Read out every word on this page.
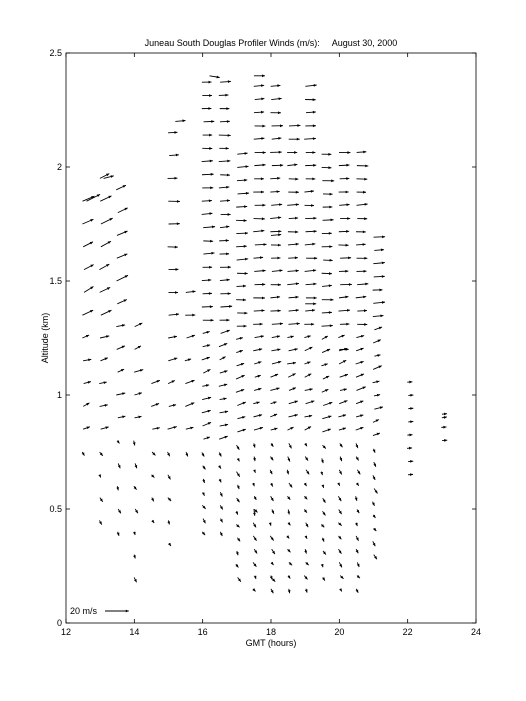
Juneau South Douglas Profiler Winds (m/s):     August 30, 2000
GMT (hours)
Altitude (km)
12	14	16	18	20	22	24
0
0.5
1
1.5
2
2.5
20 m/s
